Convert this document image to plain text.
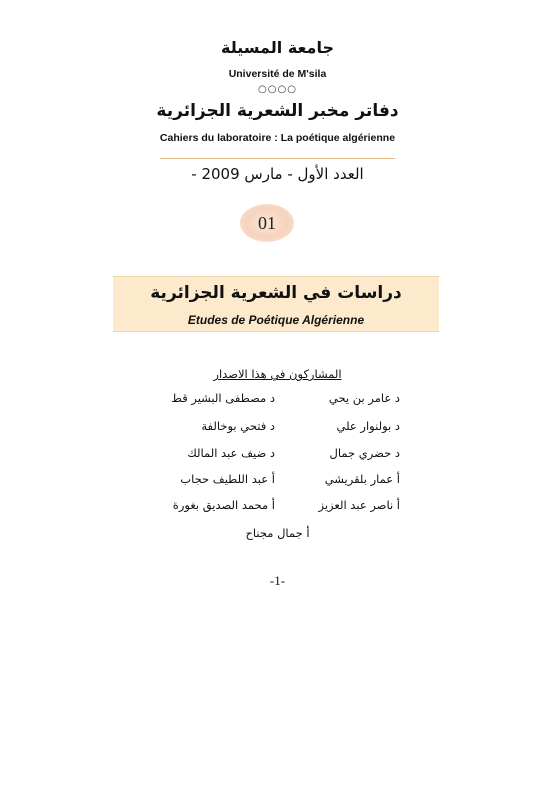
جامعة المسيلة
Université de M'sila
○○○○
دفاتر مخبر الشعرية الجزائرية
Cahiers du laboratoire : La poétique algérienne
العدد الأول - مارس 2009 -
01
دراسات في الشعرية الجزائرية
Etudes de Poétique Algérienne
المشاركون في هذا الاصدار
د عامر بن يحي
د مصطفى البشير قط
د بولنوار علي
د فتحي بوخالفة
د حضري جمال
د ضيف عبد المالك
أ عمار بلقريشي
أ عبد اللطيف حجاب
أ ناصر عبد العزيز
أ محمد الصديق بغورة
أ جمال مجناح
-1-
